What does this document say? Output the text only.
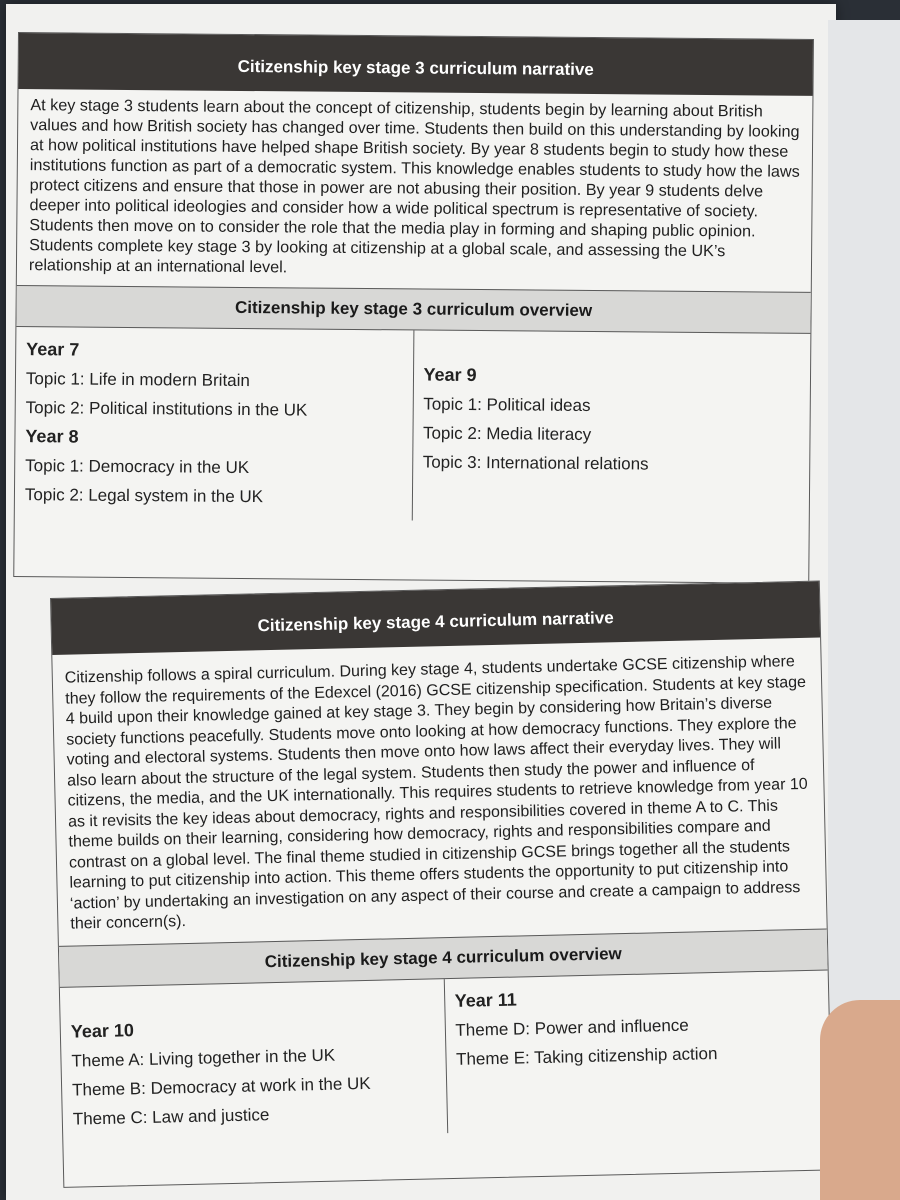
Citizenship key stage 3 curriculum narrative
At key stage 3 students learn about the concept of citizenship, students begin by learning about British values and how British society has changed over time. Students then build on this understanding by looking at how political institutions have helped shape British society. By year 8 students begin to study how these institutions function as part of a democratic system. This knowledge enables students to study how the laws protect citizens and ensure that those in power are not abusing their position. By year 9 students delve deeper into political ideologies and consider how a wide political spectrum is representative of society. Students then move on to consider the role that the media play in forming and shaping public opinion. Students complete key stage 3 by looking at citizenship at a global scale, and assessing the UK’s relationship at an international level.
Citizenship key stage 3 curriculum overview
Year 7
Topic 1: Life in modern Britain
Topic 2: Political institutions in the UK
Year 8
Topic 1: Democracy in the UK
Topic 2: Legal system in the UK
Year 9
Topic 1: Political ideas
Topic 2: Media literacy
Topic 3: International relations
Citizenship key stage 4 curriculum narrative
Citizenship follows a spiral curriculum. During key stage 4, students undertake GCSE citizenship where they follow the requirements of the Edexcel (2016) GCSE citizenship specification. Students at key stage 4 build upon their knowledge gained at key stage 3. They begin by considering how Britain’s diverse society functions peacefully. Students move onto looking at how democracy functions. They explore the voting and electoral systems. Students then move onto how laws affect their everyday lives. They will also learn about the structure of the legal system. Students then study the power and influence of citizens, the media, and the UK internationally. This requires students to retrieve knowledge from year 10 as it revisits the key ideas about democracy, rights and responsibilities covered in theme A to C. This theme builds on their learning, considering how democracy, rights and responsibilities compare and contrast on a global level. The final theme studied in citizenship GCSE brings together all the students learning to put citizenship into action. This theme offers students the opportunity to put citizenship into ‘action’ by undertaking an investigation on any aspect of their course and create a campaign to address their concern(s).
Citizenship key stage 4 curriculum overview
Year 10
Theme A: Living together in the UK
Theme B: Democracy at work in the UK
Theme C: Law and justice
Year 11
Theme D: Power and influence
Theme E: Taking citizenship action
